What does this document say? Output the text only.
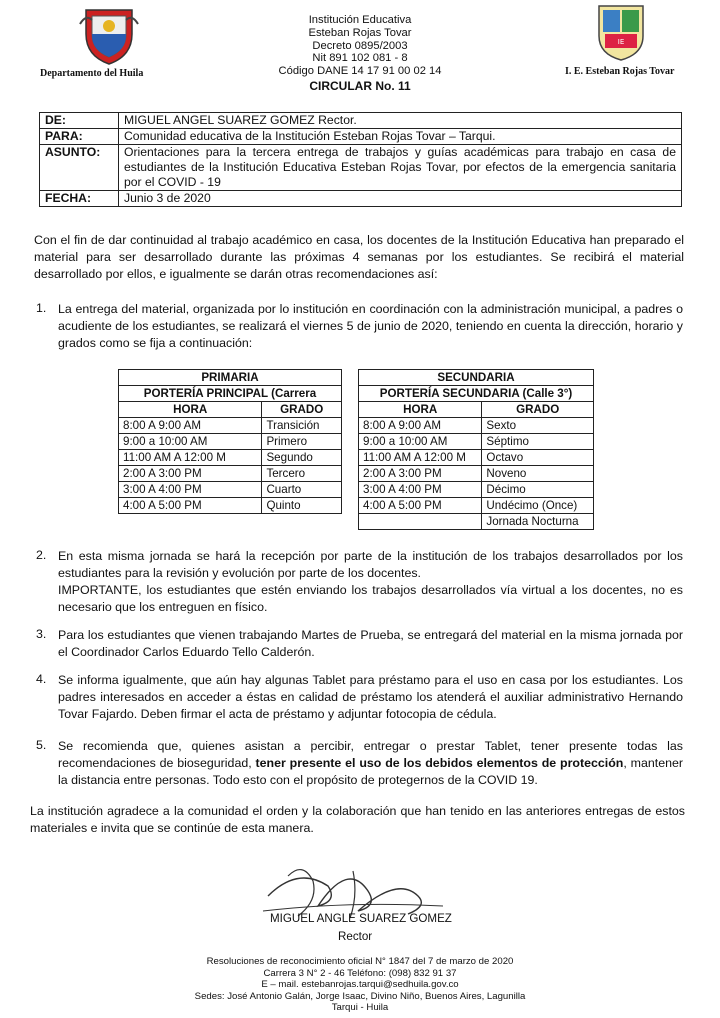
Departamento del Huila
IE
I. E. Esteban Rojas Tovar
Institución Educativa
Esteban Rojas Tovar
Decreto 0895/2003
Nit 891 102 081 - 8
Código DANE 14 17 91 00 02 14
CIRCULAR No. 11
DE:	MIGUEL ANGEL SUAREZ GOMEZ Rector.
PARA:	Comunidad educativa de la Institución Esteban Rojas Tovar – Tarqui.
ASUNTO:	Orientaciones para la tercera entrega de trabajos y guías académicas para trabajo en casa de estudiantes de la Institución Educativa Esteban Rojas Tovar, por efectos de la emergencia sanitaria por el COVID - 19
FECHA:	Junio 3 de 2020
Con el fin de dar continuidad al trabajo académico en casa, los docentes de la Institución Educativa han preparado el material para ser desarrollado durante las próximas 4 semanas por los estudiantes. Se recibirá el material desarrollado por ellos, e igualmente se darán otras recomendaciones así:
1. La entrega del material, organizada por lo institución en coordinación con la administración municipal, a padres o acudiente de los estudiantes, se realizará el viernes 5 de junio de 2020, teniendo en cuenta la dirección, horario y grados como se fija a continuación:
PRIMARIA	
PORTERÍA PRINCIPAL (Carrera	
HORA	GRADO
8:00 A 9:00 AM	Transición
9:00 a 10:00 AM	Primero
11:00 AM A 12:00 M	Segundo
2:00 A 3:00 PM	Tercero
3:00 A 4:00 PM	Cuarto
4:00 A 5:00 PM	Quinto
SECUNDARIA	
PORTERÍA SECUNDARIA (Calle 3°)	
HORA	GRADO
8:00 A 9:00 AM	Sexto
9:00 a 10:00 AM	Séptimo
11:00 AM A 12:00 M	Octavo
2:00 A 3:00 PM	Noveno
3:00 A 4:00 PM	Décimo
4:00 A 5:00 PM	Undécimo (Once)
	Jornada Nocturna
2. En esta misma jornada se hará la recepción por parte de la institución de los trabajos desarrollados por los estudiantes para la revisión y evolución por parte de los docentes.
IMPORTANTE, los estudiantes que estén enviando los trabajos desarrollados vía virtual a los docentes, no es necesario que los entreguen en físico.
3. Para los estudiantes que vienen trabajando Martes de Prueba, se entregará del material en la misma jornada por el Coordinador Carlos Eduardo Tello Calderón.
4. Se informa igualmente, que aún hay algunas Tablet para préstamo para el uso en casa por los estudiantes. Los padres interesados en acceder a éstas en calidad de préstamo los atenderá el auxiliar administrativo Hernando Tovar Fajardo. Deben firmar el acta de préstamo y adjuntar fotocopia de cédula.
5. Se recomienda que, quienes asistan a percibir, entregar o prestar Tablet, tener presente todas las recomendaciones de bioseguridad, tener presente el uso de los debidos elementos de protección, mantener la distancia entre personas. Todo esto con el propósito de protegernos de la COVID 19.
La institución agradece a la comunidad el orden y la colaboración que han tenido en las anteriores entregas de estos materiales e invita que se continúe de esta manera.
MIGUEL ANGLE SUAREZ GOMEZ
Rector
Resoluciones de reconocimiento oficial N° 1847 del 7 de marzo de 2020
Carrera 3 N° 2 - 46 Teléfono: (098) 832 91 37
E – mail. estebanrojas.tarqui@sedhuila.gov.co
Sedes: José Antonio Galán, Jorge Isaac, Divino Niño, Buenos Aires, Lagunilla
Tarqui - Huila
